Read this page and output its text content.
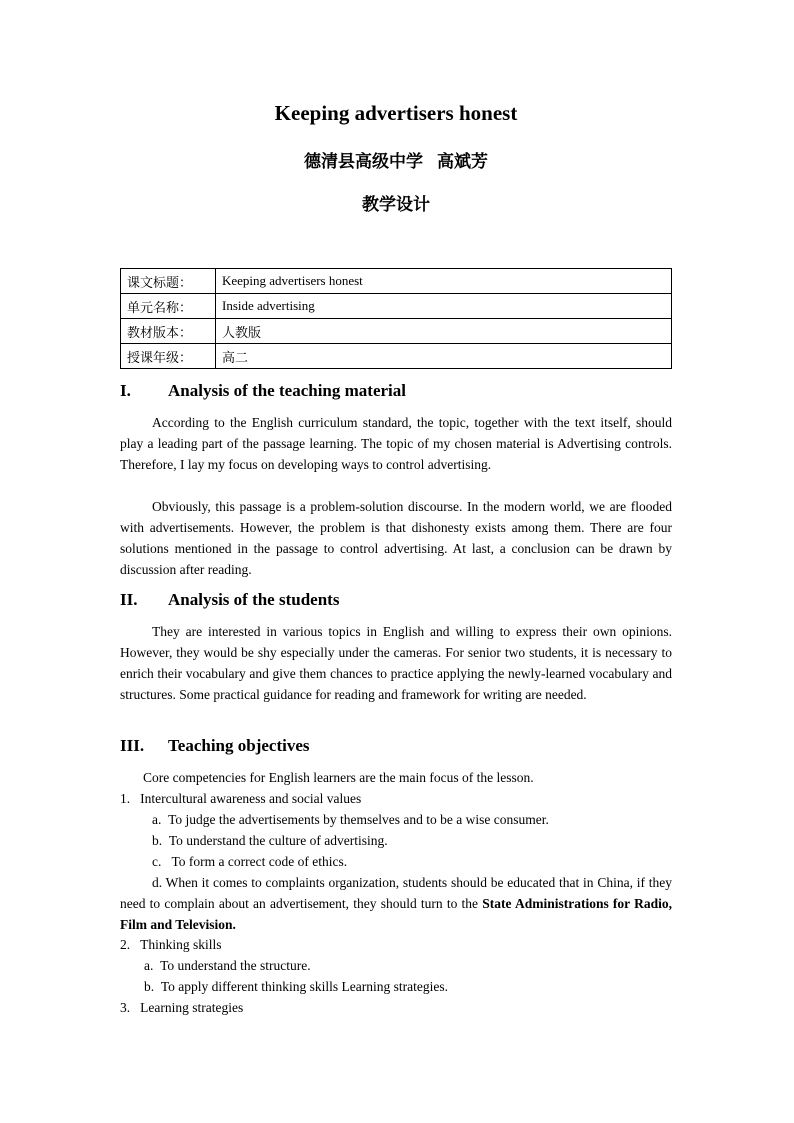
Keeping advertisers honest
德清县高级中学 高斌芳
教学设计
课文标题：	Keeping advertisers honest
单元名称：	Inside advertising
教材版本：	人教版
授课年级：	高二
I. Analysis of the teaching material
According to the English curriculum standard, the topic, together with the text itself, should play a leading part of the passage learning. The topic of my chosen material is Advertising controls. Therefore, I lay my focus on developing ways to control advertising.
Obviously, this passage is a problem-solution discourse. In the modern world, we are flooded with advertisements. However, the problem is that dishonesty exists among them. There are four solutions mentioned in the passage to control advertising. At last, a conclusion can be drawn by discussion after reading.
II. Analysis of the students
They are interested in various topics in English and willing to express their own opinions. However, they would be shy especially under the cameras. For senior two students, it is necessary to enrich their vocabulary and give them chances to practice applying the newly-learned vocabulary and structures. Some practical guidance for reading and framework for writing are needed.
III. Teaching objectives
Core competencies for English learners are the main focus of the lesson.
1. Intercultural awareness and social values
a.  To judge the advertisements by themselves and to be a wise consumer.
b.  To understand the culture of advertising.
c.   To form a correct code of ethics.
d. When it comes to complaints organization, students should be educated that in China, if they need to complain about an advertisement, they should turn to the State Administrations for Radio, Film and Television.
2. Thinking skills
a.  To understand the structure.
b.  To apply different thinking skills Learning strategies.
3. Learning strategies
